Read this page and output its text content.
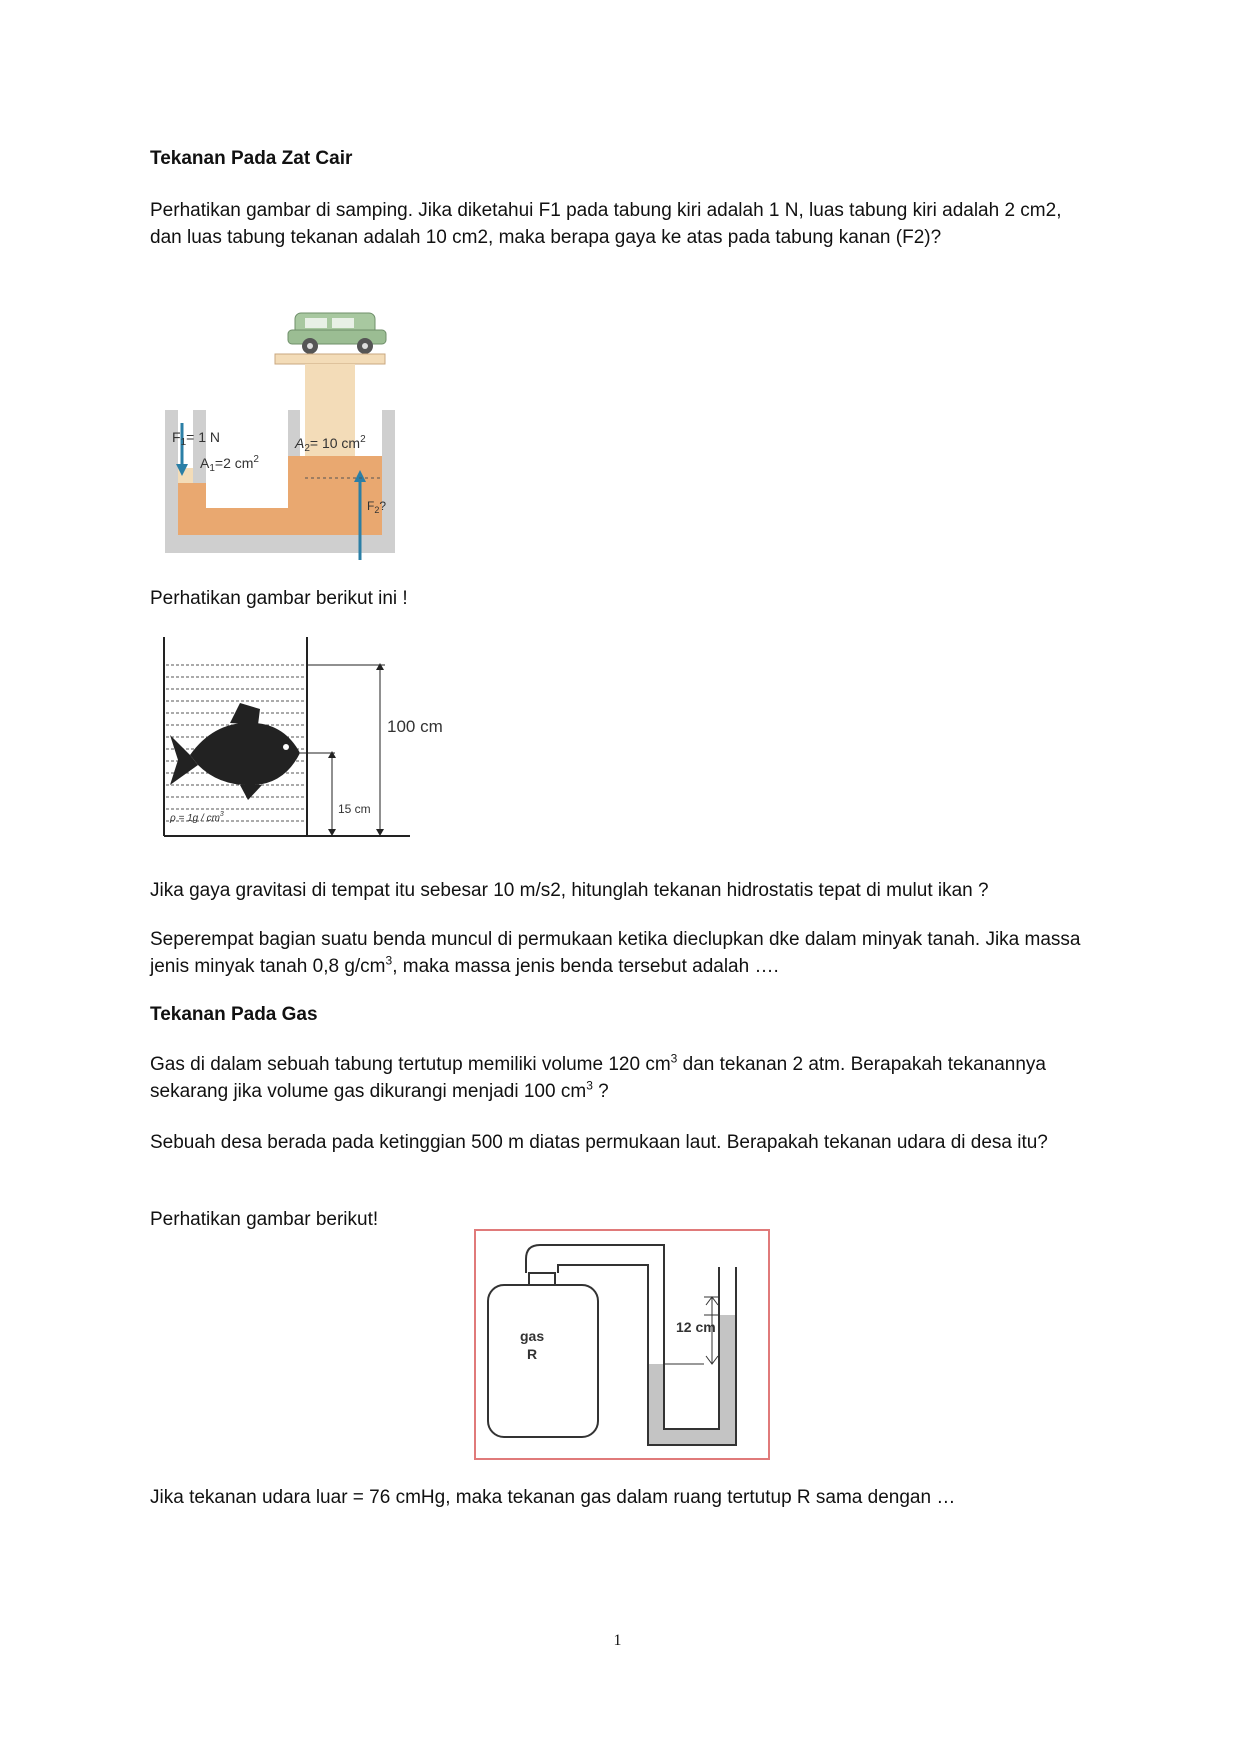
Tekanan Pada Zat Cair

Perhatikan gambar di samping. Jika diketahui F1 pada tabung kiri adalah 1 N, luas tabung kiri adalah 2 cm2, dan luas tabung tekanan adalah 10 cm2, maka berapa gaya ke atas pada tabung kanan (F2)?

$F_1= 1$ N
$A_1=2$ $cm^2$
$A_2= 10$ $cm^2$
$F_2$?

Perhatikan gambar berikut ini !

$\rho = 1g / cm^3$
100 cm
15 cm

Jika gaya gravitasi di tempat itu sebesar 10 m/s2, hitunglah tekanan hidrostatis tepat di mulut ikan ?

Seperempat bagian suatu benda muncul di permukaan ketika dieclupkan dke dalam minyak tanah. Jika massa jenis minyak tanah 0,8 $g/cm^3$, maka massa jenis benda tersebut adalah ….

Tekanan Pada Gas

Gas di dalam sebuah tabung tertutup memiliki volume 120 $cm^3$ dan tekanan 2 atm. Berapakah tekanannya sekarang jika volume gas dikurangi menjadi 100 $cm^3$ ?

Sebuah desa berada pada ketinggian 500 m diatas permukaan laut. Berapakah tekanan udara di desa itu?

Perhatikan gambar berikut!

12 cm
gas
R

Jika tekanan udara luar = 76 cmHg, maka tekanan gas dalam ruang tertutup R sama dengan …

1
